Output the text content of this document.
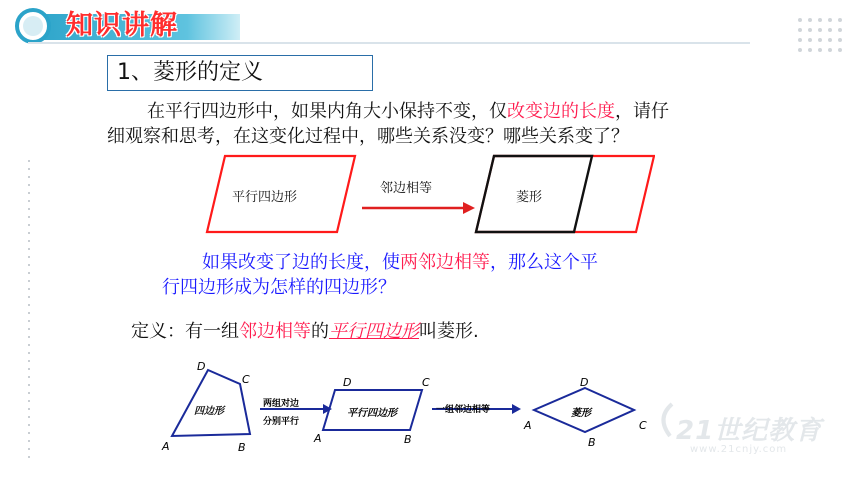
知识讲解
1、菱形的定义
在平行四边形中，如果内角大小保持不变，仅改变边的长度，请仔
细观察和思考，在这变化过程中，哪些关系没变？哪些关系变了？
平行四边形
邻边相等
菱形
如果改变了边的长度，使两邻边相等，那么这个平
行四边形成为怎样的四边形？
定义：有一组邻边相等的平行四边形叫菱形.
四边形
D
C
A	B
两组对边
分别平行
平行四边形
D	C
A	B
一组邻边相等	菱形
D
C
A
B	21世纪教育
www.21cnjy.com
